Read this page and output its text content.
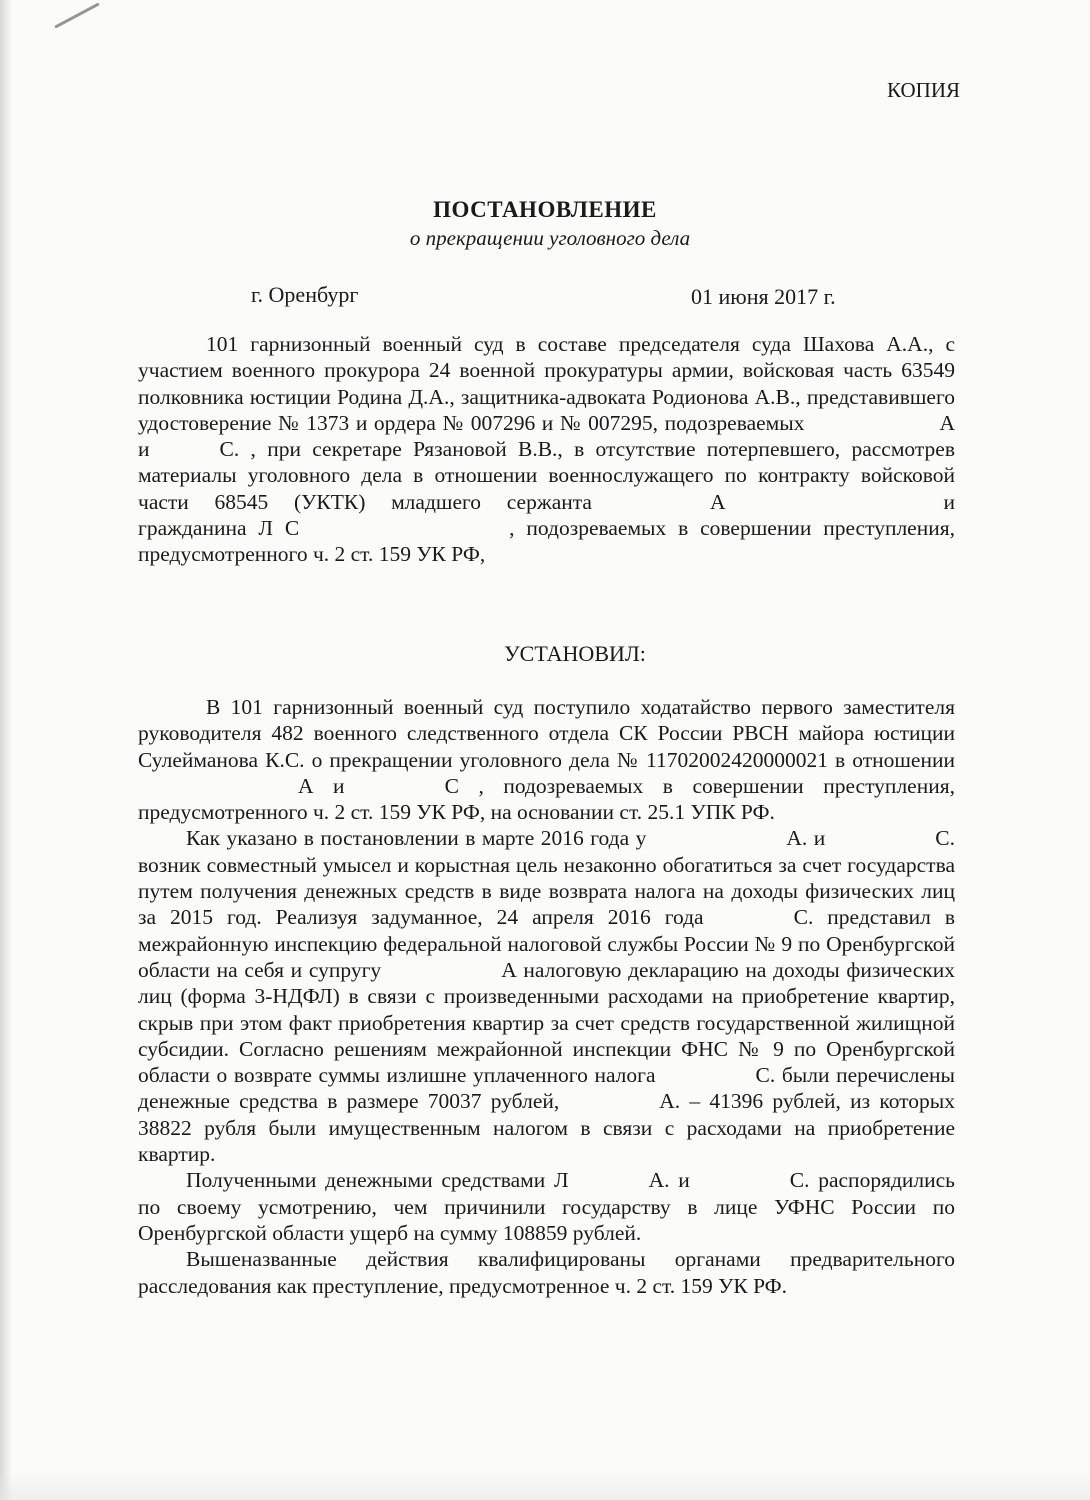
КОПИЯ
ПОСТАНОВЛЕНИЕ
о прекращении уголовного дела
г. Оренбург	01 июня 2017 г.

101 гарнизонный военный суд в составе председателя суда Шахова А.А., с участием военного прокурора 24 военной прокуратуры армии, войсковая часть 63549 полковника юстиции Родина Д.А., защитника-адвоката Родионова А.В., представившего удостоверение № 1373 и ордера № 007296 и № 007295, подозреваемых	А и	С. , при секретаре Рязановой В.В., в отсутствие потерпевшего, рассмотрев материалы уголовного дела в отношении военнослужащего по контракту войсковой части 68545 (УКТК) младшего сержанта	А	и гражданина Л С	, подозреваемых в совершении преступления, предусмотренного ч. 2 ст. 159 УК РФ,

УСТАНОВИЛ:

В 101 гарнизонный военный суд поступило ходатайство первого заместителя руководителя 482 военного следственного отдела СК России РВСН майора юстиции Сулейманова К.С. о прекращении уголовного дела № 11702002420000021 в отношенииА и	С , подозреваемых в совершении преступления, предусмотренного ч. 2 ст. 159 УК РФ, на основании ст. 25.1 УПК РФ.

Как указано в постановлении в марте 2016 года у	А. и	С. возник совместный умысел и корыстная цель незаконно обогатиться за счет государства путем получения денежных средств в виде возврата налога на доходы физических лиц за 2015 год. Реализуя задуманное, 24 апреля 2016 года	С. представил в межрайонную инспекцию федеральной налоговой службы России № 9 по Оренбургской области на себя и супругу	А налоговую декларацию на доходы физических лиц (форма 3-НДФЛ) в связи с произведенными расходами на приобретение квартир, скрыв при этом факт приобретения квартир за счет средств государственной жилищной субсидии. Согласно решениям межрайонной инспекции ФНС № 9 по Оренбургской области о возврате суммы излишне уплаченного налога	С. были перечислены денежные средства в размере 70037 рублей,	А. – 41396 рублей, из которых 38822 рубля были имущественным налогом в связи с расходами на приобретение квартир.

Полученными денежными средствами Л	А. и	С. распорядились по своему усмотрению, чем причинили государству в лице УФНС России по Оренбургской области ущерб на сумму 108859 рублей.

Вышеназванные действия квалифицированы органами предварительного расследования как преступление, предусмотренное ч. 2 ст. 159 УК РФ.
